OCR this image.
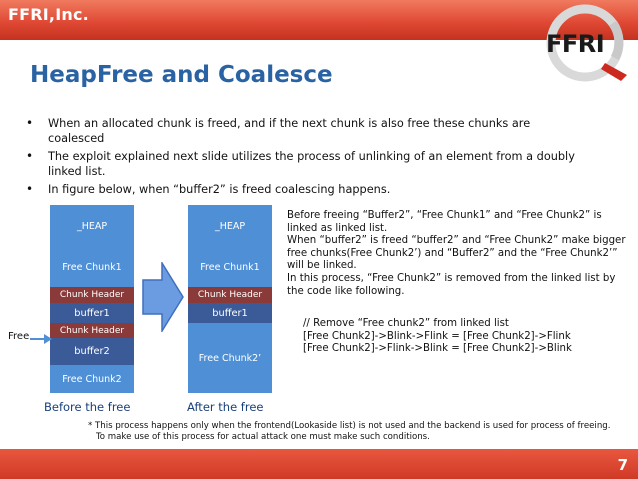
FFRI,Inc.
FFRI
HeapFree and Coalesce
• When an allocated chunk is freed, and if the next chunk is also free these chunks are coalesced
• The exploit explained next slide utilizes the process of unlinking of an element from a doubly linked list.
• In figure below, when “buffer2” is freed coalescing happens.
_HEAP
Free Chunk1
Chunk Header
buffer1
Chunk Header
buffer2
Free Chunk2
Before the free
Free
_HEAP
Free Chunk1
Chunk Header
buffer1
Free Chunk2’
After the free
Before freeing “Buffer2”, “Free Chunk1” and “Free Chunk2” is
linked as linked list.
When “buffer2” is freed “buffer2” and “Free Chunk2” make bigger
free chunks(Free Chunk2’) and “Buffer2” and the “Free Chunk2’”
will be linked.
In this process, “Free Chunk2” is removed from the linked list by
the code like following.
// Remove “Free chunk2” from linked list
[Free Chunk2]->Blink->Flink = [Free Chunk2]->Flink
[Free Chunk2]->Flink->Blink = [Free Chunk2]->Blink
* This process happens only when the frontend(Lookaside list) is not used and the backend is used for process of freeing.
To make use of this process for actual attack one must make such conditions.
7
